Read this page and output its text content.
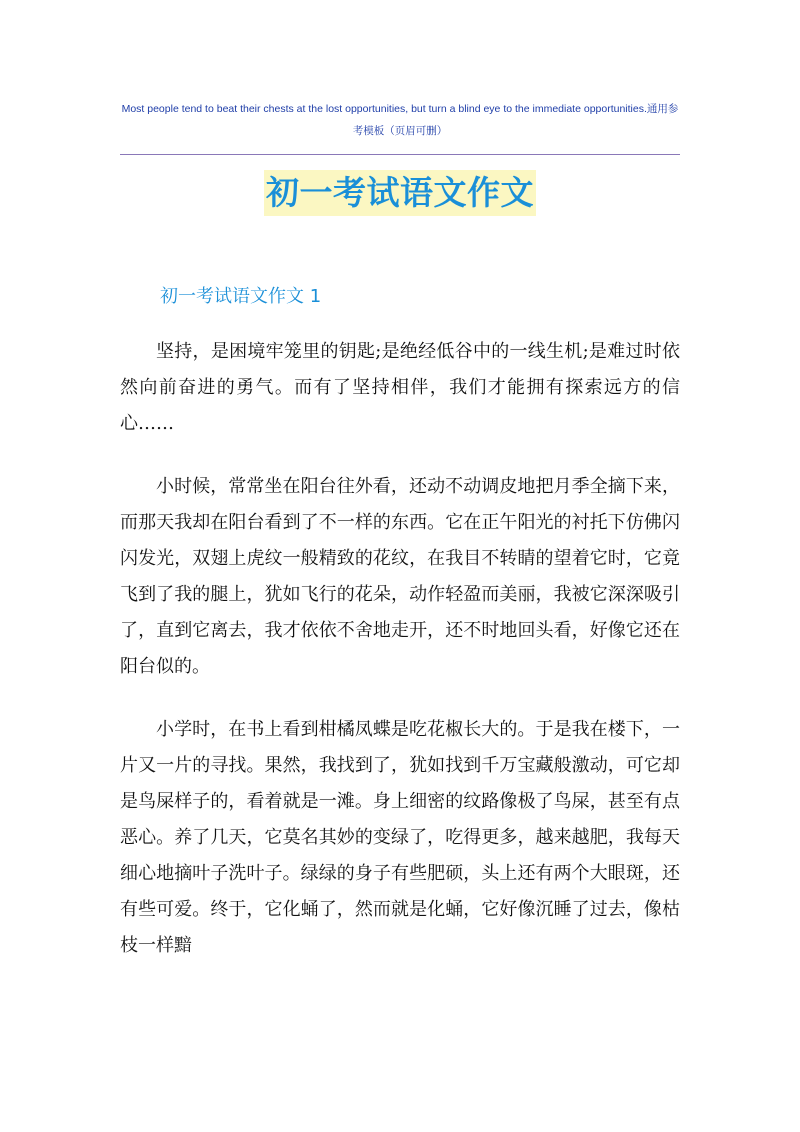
Most people tend to beat their chests at the lost opportunities, but turn a blind eye to the immediate opportunities.通用参考模板（页眉可删）
初一考试语文作文
初一考试语文作文 1

坚持，是困境牢笼里的钥匙;是绝经低谷中的一线生机;是难过时依然向前奋进的勇气。而有了坚持相伴，我们才能拥有探索远方的信心……

小时候，常常坐在阳台往外看，还动不动调皮地把月季全摘下来，而那天我却在阳台看到了不一样的东西。它在正午阳光的衬托下仿佛闪闪发光，双翅上虎纹一般精致的花纹，在我目不转睛的望着它时，它竟飞到了我的腿上，犹如飞行的花朵，动作轻盈而美丽，我被它深深吸引了，直到它离去，我才依依不舍地走开，还不时地回头看，好像它还在阳台似的。

小学时，在书上看到柑橘凤蝶是吃花椒长大的。于是我在楼下，一片又一片的寻找。果然，我找到了，犹如找到千万宝藏般激动，可它却是鸟屎样子的，看着就是一滩。身上细密的纹路像极了鸟屎，甚至有点恶心。养了几天，它莫名其妙的变绿了，吃得更多，越来越肥，我每天细心地摘叶子洗叶子。绿绿的身子有些肥硕，头上还有两个大眼斑，还有些可爱。终于，它化蛹了，然而就是化蛹，它好像沉睡了过去，像枯枝一样黯
